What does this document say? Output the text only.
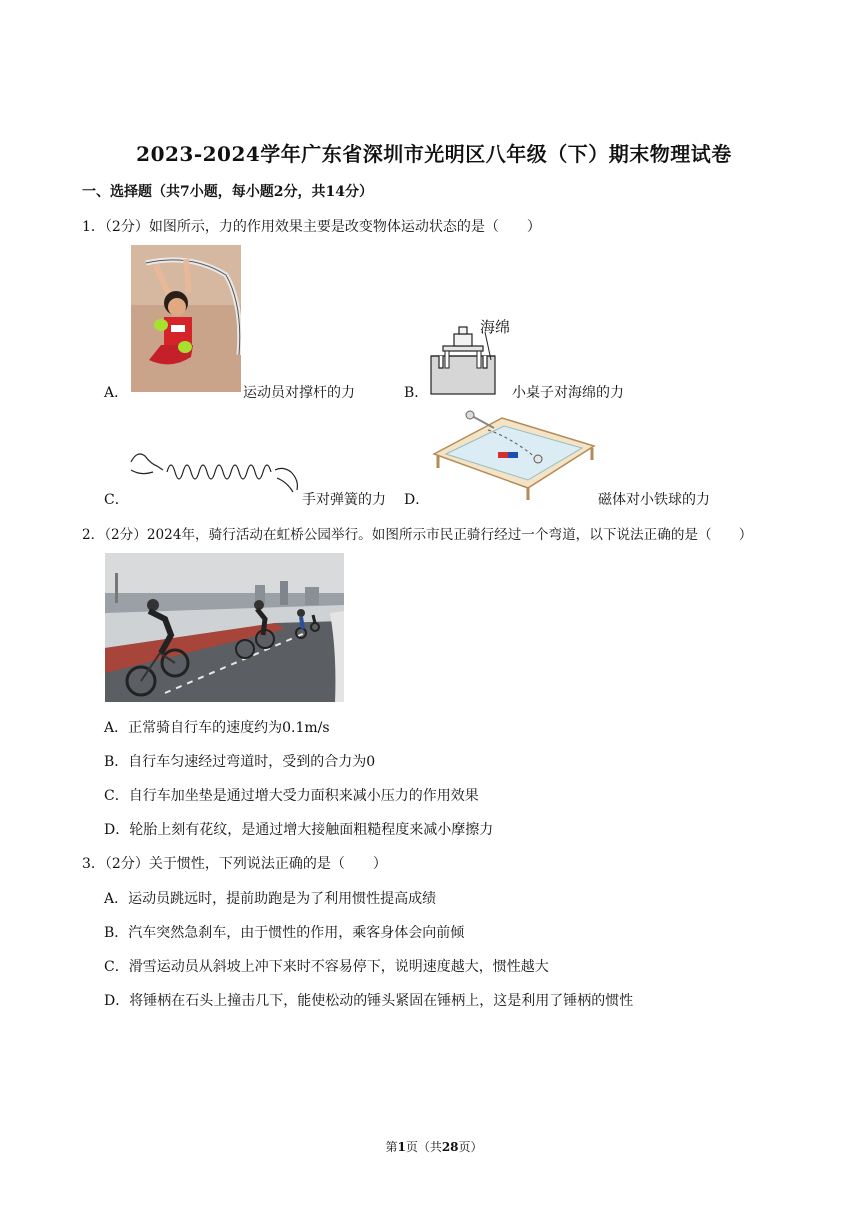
2023-2024学年广东省深圳市光明区八年级（下）期末物理试卷
一、选择题（共7小题，每小题2分，共14分）
1．（2分）如图所示，力的作用效果主要是改变物体运动状态的是（　　）
A．	运动员对撑杆的力
海绵
B．	小桌子对海绵的力
C．	手对弹簧的力 D．	磁体对小铁球的力
2．（2分）2024年，骑行活动在虹桥公园举行。如图所示市民正骑行经过一个弯道，以下说法正确的是（　　）
A．正常骑自行车的速度约为0.1m/s
B．自行车匀速经过弯道时，受到的合力为0
C．自行车加坐垫是通过增大受力面积来减小压力的作用效果
D．轮胎上刻有花纹，是通过增大接触面粗糙程度来减小摩擦力
3．（2分）关于惯性，下列说法正确的是（　　）
A．运动员跳远时，提前助跑是为了利用惯性提高成绩
B．汽车突然急刹车，由于惯性的作用，乘客身体会向前倾
C．滑雪运动员从斜坡上冲下来时不容易停下，说明速度越大，惯性越大
D．将锤柄在石头上撞击几下，能使松动的锤头紧固在锤柄上，这是利用了锤柄的惯性
第1页（共28页）
